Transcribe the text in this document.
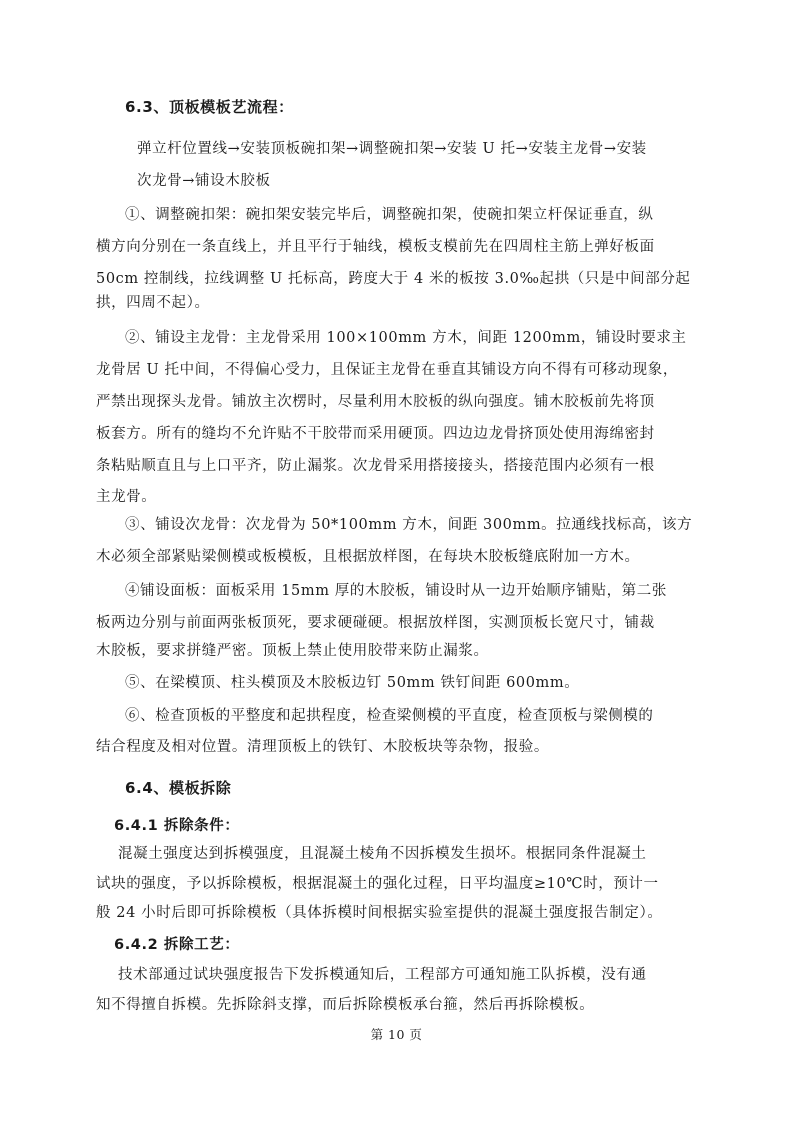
6.3、顶板模板艺流程：
弹立杆位置线→安装顶板碗扣架→调整碗扣架→安装 U 托→安装主龙骨→安装
次龙骨→铺设木胶板
①、调整碗扣架：碗扣架安装完毕后，调整碗扣架，使碗扣架立杆保证垂直，纵
横方向分别在一条直线上，并且平行于轴线，模板支模前先在四周柱主筋上弹好板面
50cm 控制线，拉线调整 U 托标高，跨度大于 4 米的板按 3.0‰起拱（只是中间部分起
拱，四周不起）。
②、铺设主龙骨：主龙骨采用 100×100mm 方木，间距 1200mm，铺设时要求主
龙骨居 U 托中间，不得偏心受力，且保证主龙骨在垂直其铺设方向不得有可移动现象，
严禁出现探头龙骨。铺放主次楞时，尽量利用木胶板的纵向强度。铺木胶板前先将顶
板套方。所有的缝均不允许贴不干胶带而采用硬顶。四边边龙骨挤顶处使用海绵密封
条粘贴顺直且与上口平齐，防止漏浆。次龙骨采用搭接接头，搭接范围内必须有一根
主龙骨。
③、铺设次龙骨：次龙骨为 50*100mm 方木，间距 300mm。拉通线找标高，该方
木必须全部紧贴梁侧模或板模板，且根据放样图，在每块木胶板缝底附加一方木。
④铺设面板：面板采用 15mm 厚的木胶板，铺设时从一边开始顺序铺贴，第二张
板两边分别与前面两张板顶死，要求硬碰硬。根据放样图，实测顶板长宽尺寸，铺裁
木胶板，要求拼缝严密。顶板上禁止使用胶带来防止漏浆。
⑤、在梁模顶、柱头模顶及木胶板边钉 50mm 铁钉间距 600mm。
⑥、检查顶板的平整度和起拱程度，检查梁侧模的平直度，检查顶板与梁侧模的
结合程度及相对位置。清理顶板上的铁钉、木胶板块等杂物，报验。
6.4、模板拆除
6.4.1 拆除条件：
混凝土强度达到拆模强度，且混凝土棱角不因拆模发生损坏。根据同条件混凝土
试块的强度，予以拆除模板，根据混凝土的强化过程，日平均温度≥10℃时，预计一
般 24 小时后即可拆除模板（具体拆模时间根据实验室提供的混凝土强度报告制定）。
6.4.2 拆除工艺：
技术部通过试块强度报告下发拆模通知后，工程部方可通知施工队拆模，没有通
知不得擅自拆模。先拆除斜支撑，而后拆除模板承台箍，然后再拆除模板。
第 10 页
